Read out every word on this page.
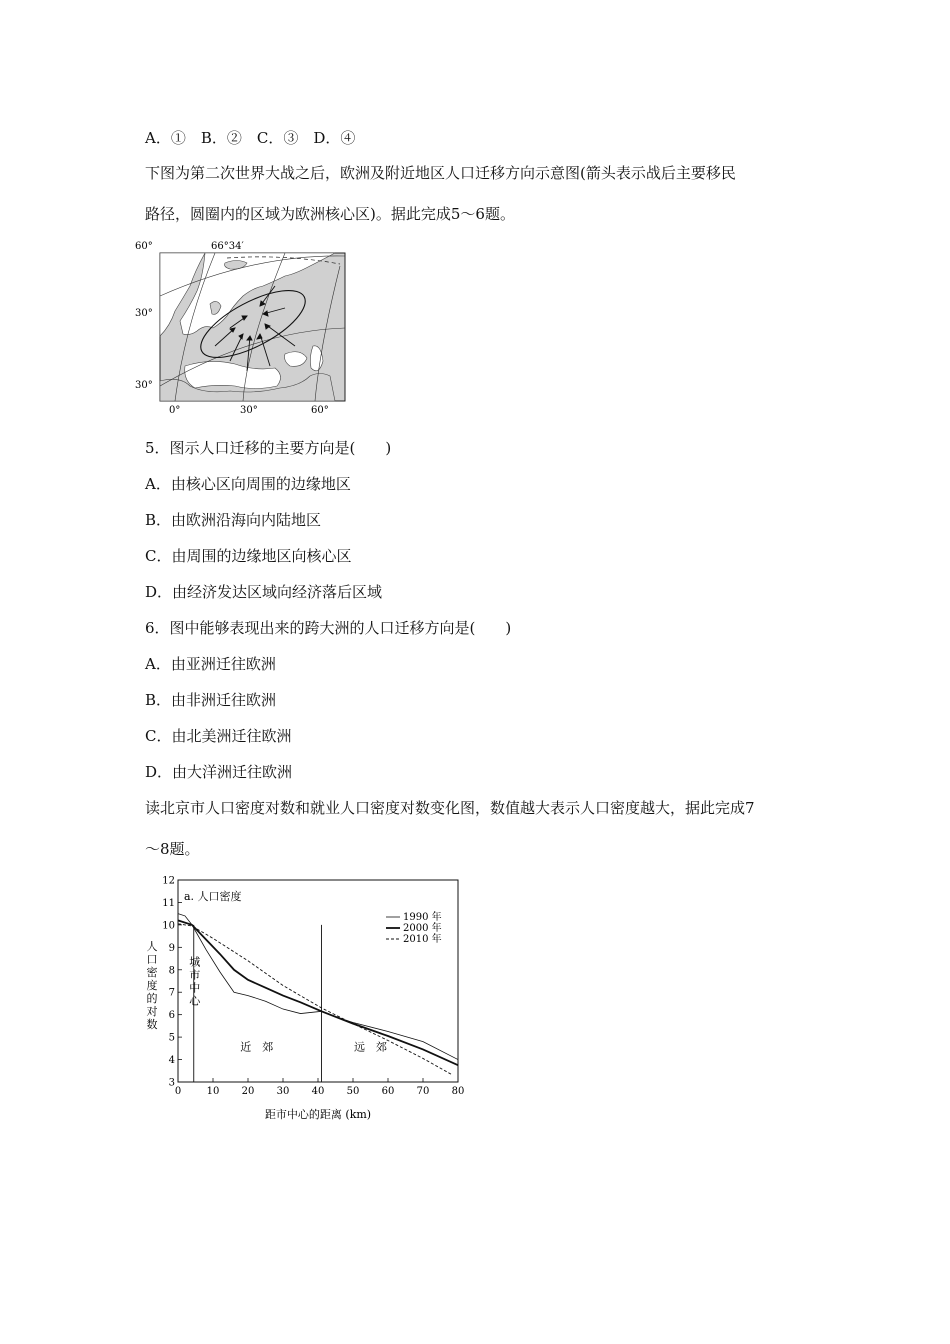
A．①　B．②　C．③　D．④
下图为第二次世界大战之后，欧洲及附近地区人口迁移方向示意图(箭头表示战后主要移民
路径，圆圈内的区域为欧洲核心区)。据此完成5～6题。
60°	66°34′
30°
30°
0°	30°	60°
5．图示人口迁移的主要方向是(　　)
A．由核心区向周围的边缘地区
B．由欧洲沿海向内陆地区
C．由周围的边缘地区向核心区
D．由经济发达区域向经济落后区域
6．图中能够表现出来的跨大洲的人口迁移方向是(　　)
A．由亚洲迁往欧洲
B．由非洲迁往欧洲
C．由北美洲迁往欧洲
D．由大洋洲迁往欧洲
读北京市人口密度对数和就业人口密度对数变化图，数值越大表示人口密度越大，据此完成7
～8题。
a. 人口密度
人
口
密
度
的
对
数
距市中心的距离 (km)
0	10 20 30 40 50 60 70 80
3
4
5
6
7
8
9
10
11
12
1990 年
2000 年
2010 年
城
市
中
心
近　郊	远　郊
